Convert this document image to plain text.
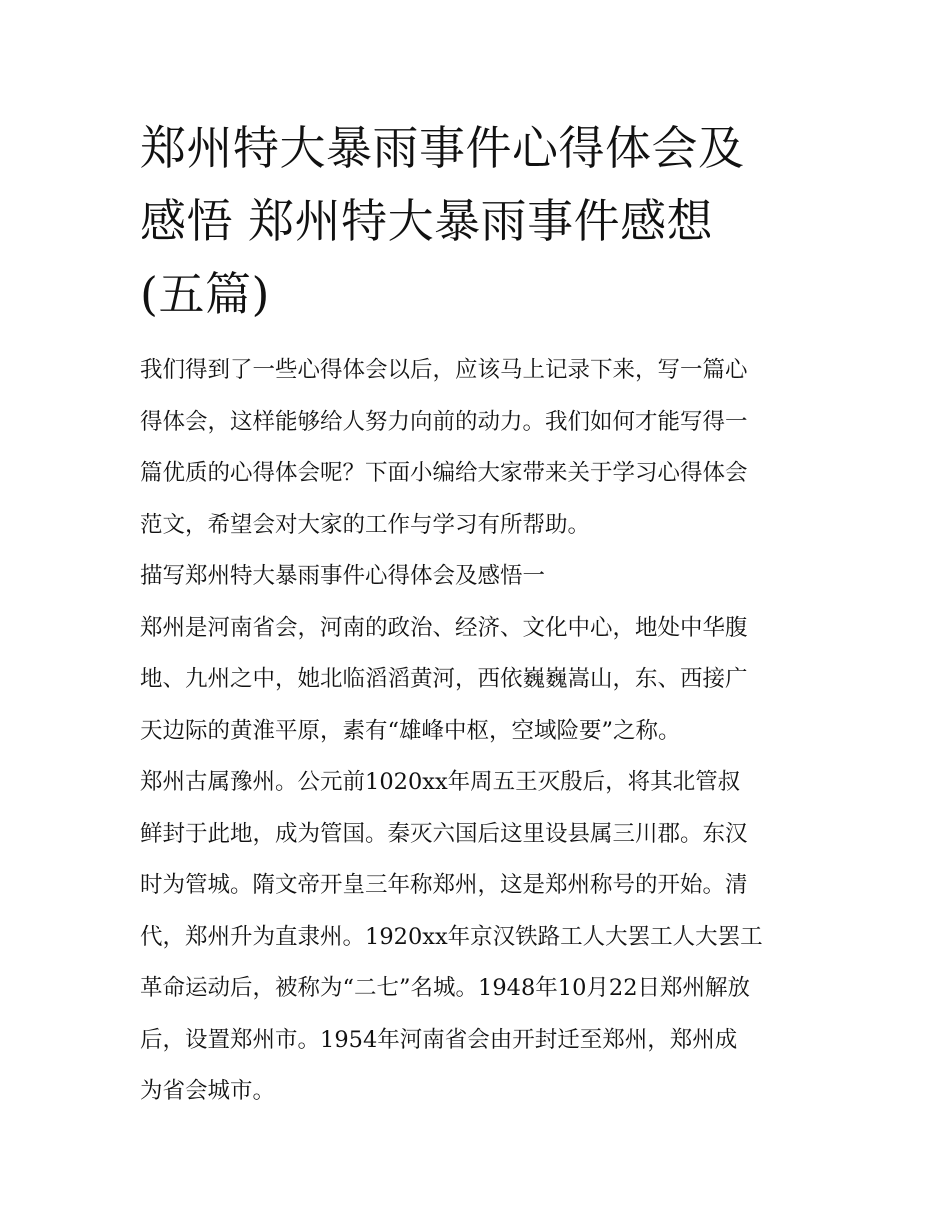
郑州特大暴雨事件心得体会及
感悟 郑州特大暴雨事件感想
(五篇)

我们得到了一些心得体会以后，应该马上记录下来，写一篇心
得体会，这样能够给人努力向前的动力。我们如何才能写得一
篇优质的心得体会呢？下面小编给大家带来关于学习心得体会
范文，希望会对大家的工作与学习有所帮助。

描写郑州特大暴雨事件心得体会及感悟一

郑州是河南省会，河南的政治、经济、文化中心，地处中华腹
地、九州之中，她北临滔滔黄河，西依巍巍嵩山，东、西接广
天边际的黄淮平原，素有“雄峰中枢，空域险要”之称。

郑州古属豫州。公元前1020xx年周五王灭殷后，将其北管叔
鲜封于此地，成为管国。秦灭六国后这里设县属三川郡。东汉
时为管城。隋文帝开皇三年称郑州，这是郑州称号的开始。清
代，郑州升为直隶州。1920xx年京汉铁路工人大罢工人大罢工
革命运动后，被称为“二七”名城。1948年10月22日郑州解放
后，设置郑州市。1954年河南省会由开封迁至郑州，郑州成
为省会城市。
